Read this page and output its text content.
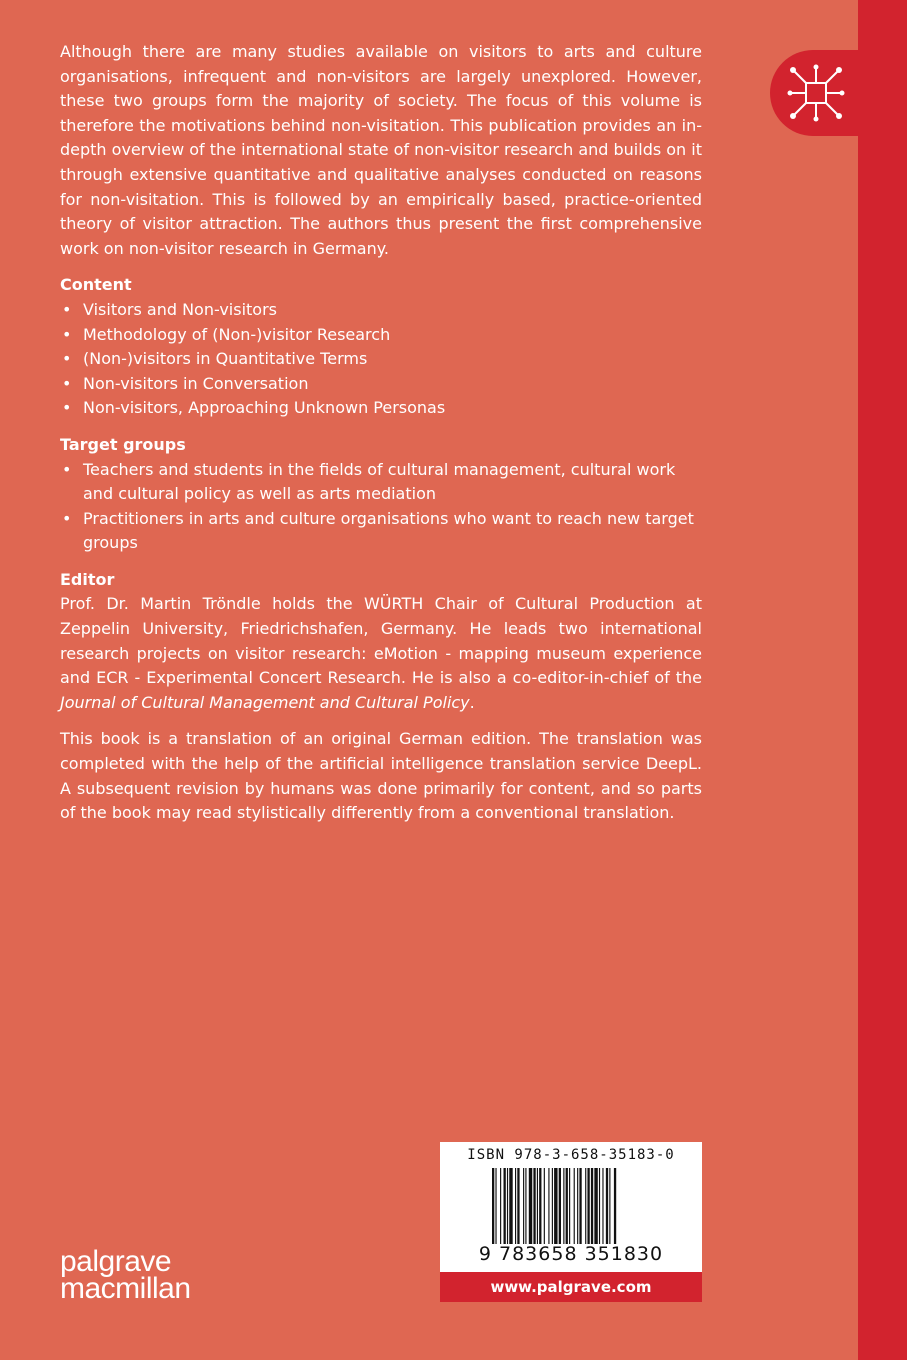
Although there are many studies available on visitors to arts and culture organisations, infrequent and non-visitors are largely unexplored. However, these two groups form the majority of society. The focus of this volume is therefore the motivations behind non-visitation. This publication provides an in-depth overview of the international state of non-visitor research and builds on it through extensive quantitative and qualitative analyses conducted on reasons for non-visitation. This is followed by an empirically based, practice-oriented theory of visitor attraction. The authors thus present the first comprehensive work on non-visitor research in Germany.

Content
• Visitors and Non-visitors
• Methodology of (Non-)visitor Research
• (Non-)visitors in Quantitative Terms
• Non-visitors in Conversation
• Non-visitors, Approaching Unknown Personas
Target groups
• Teachers and students in the fields of cultural management, cultural work and cultural policy as well as arts mediation
• Practitioners in arts and culture organisations who want to reach new target groups
Editor

Prof. Dr. Martin Tröndle holds the WÜRTH Chair of Cultural Production at Zeppelin University, Friedrichshafen, Germany. He leads two international research projects on visitor research: eMotion - mapping museum experience and ECR - Experimental Concert Research. He is also a co-editor-in-chief of the Journal of Cultural Management and Cultural Policy.

This book is a translation of an original German edition. The translation was completed with the help of the artificial intelligence translation service DeepL. A subsequent revision by humans was done primarily for content, and so parts of the book may read stylistically differently from a conventional translation.

ISBN 978-3-658-35183-0
9 783658 351830
www.palgrave.com
palgrave
macmillan
